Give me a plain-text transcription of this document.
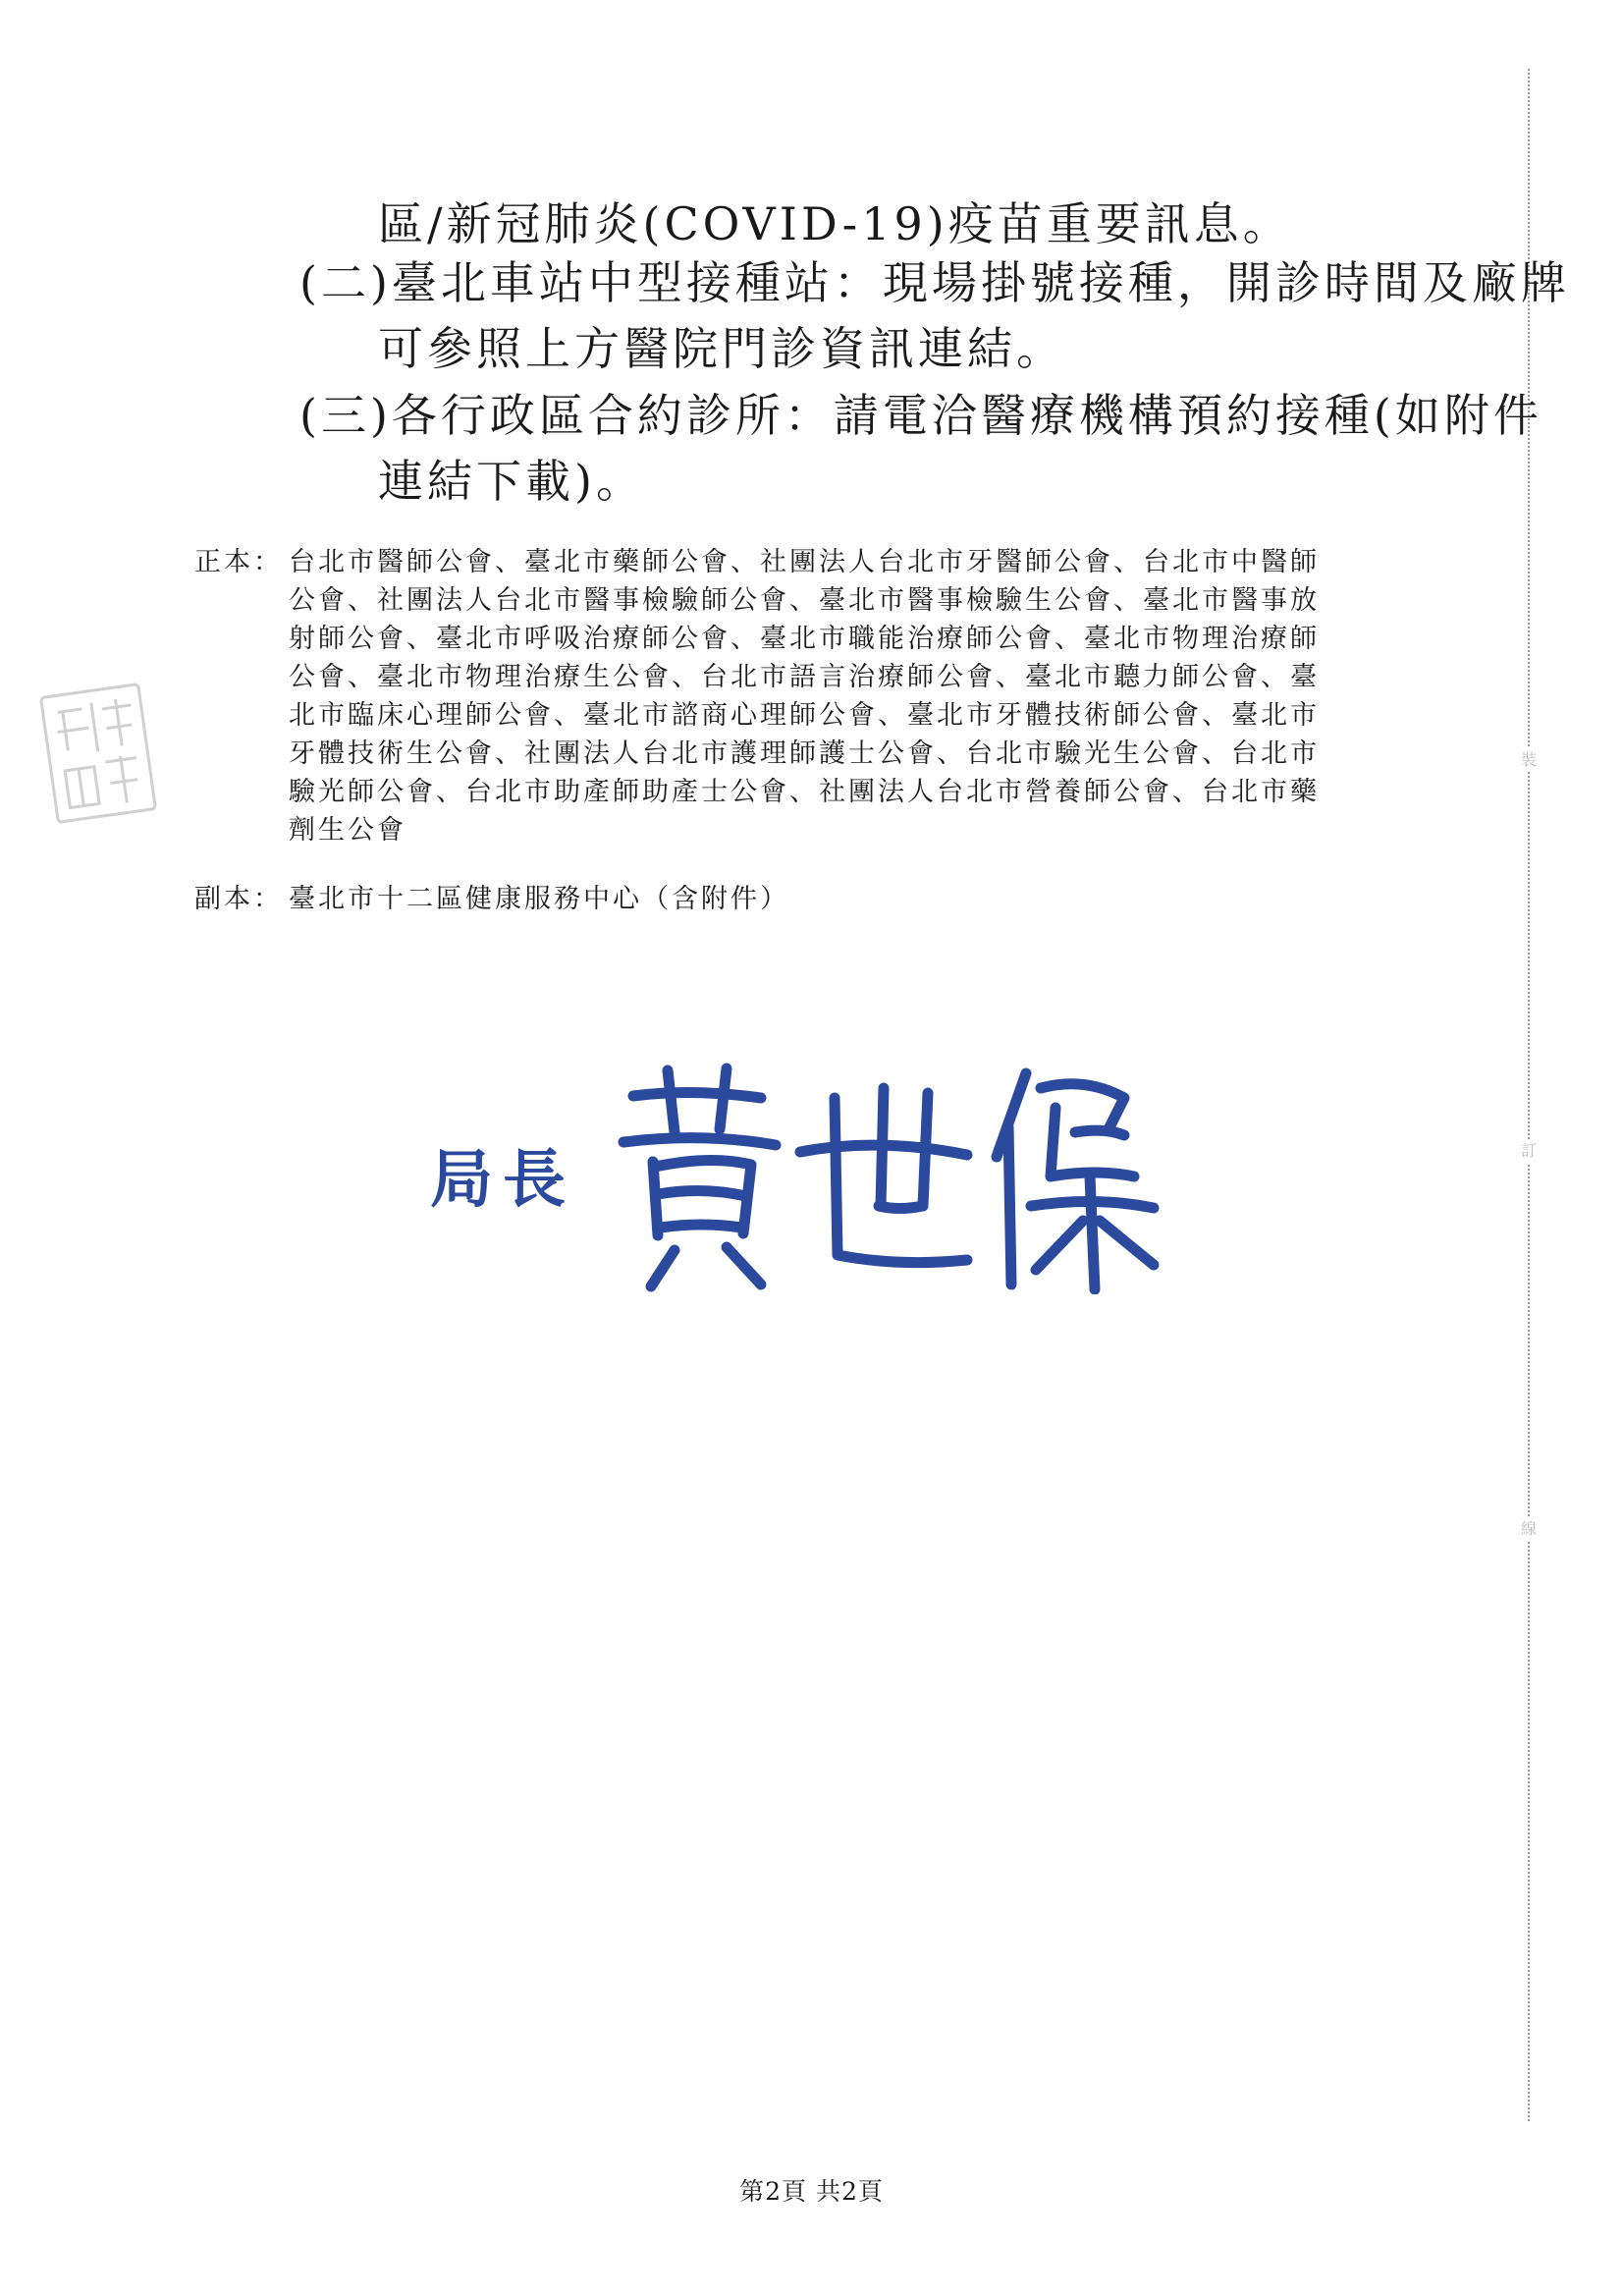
裝
訂
線
區/新冠肺炎(COVID-19)疫苗重要訊息。
(二)臺北車站中型接種站：現場掛號接種，開診時間及廠牌
可參照上方醫院門診資訊連結。
(三)各行政區合約診所：請電洽醫療機構預約接種(如附件
連結下載)。
正本： 台北市醫師公會、臺北市藥師公會、社團法人台北市牙醫師公會、台北市中醫師
公會、社團法人台北市醫事檢驗師公會、臺北市醫事檢驗生公會、臺北市醫事放
射師公會、臺北市呼吸治療師公會、臺北市職能治療師公會、臺北市物理治療師
公會、臺北市物理治療生公會、台北市語言治療師公會、臺北市聽力師公會、臺
北市臨床心理師公會、臺北市諮商心理師公會、臺北市牙體技術師公會、臺北市
牙體技術生公會、社團法人台北市護理師護士公會、台北市驗光生公會、台北市
驗光師公會、台北市助產師助產士公會、社團法人台北市營養師公會、台北市藥
劑生公會
副本： 臺北市十二區健康服務中心（含附件）
局長
第2頁 共2頁
